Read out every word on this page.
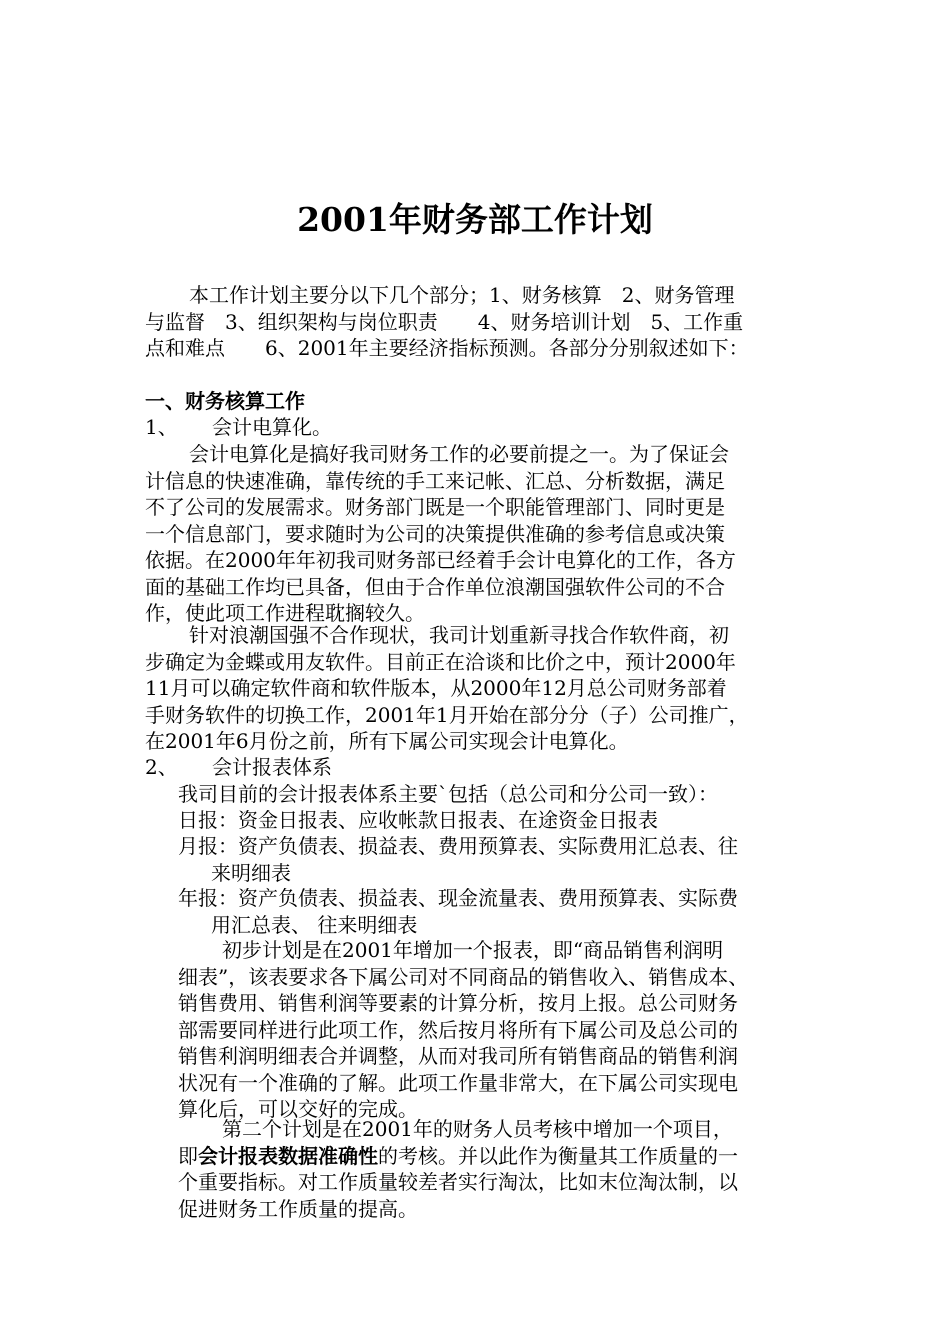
2001年财务部工作计划
本工作计划主要分以下几个部分；1、财务核算　2、财务管理
与监督　3、组织架构与岗位职责　　4、财务培训计划　5、工作重
点和难点　　6、2001年主要经济指标预测。各部分分别叙述如下：
一、财务核算工作
1、 会计电算化。
会计电算化是搞好我司财务工作的必要前提之一。为了保证会
计信息的快速准确，靠传统的手工来记帐、汇总、分析数据，满足
不了公司的发展需求。财务部门既是一个职能管理部门、同时更是
一个信息部门，要求随时为公司的决策提供准确的参考信息或决策
依据。在2000年年初我司财务部已经着手会计电算化的工作，各方
面的基础工作均已具备，但由于合作单位浪潮国强软件公司的不合
作，使此项工作进程耽搁较久。
针对浪潮国强不合作现状，我司计划重新寻找合作软件商，初
步确定为金蝶或用友软件。目前正在洽谈和比价之中，预计2000年
11月可以确定软件商和软件版本，从2000年12月总公司财务部着
手财务软件的切换工作，2001年1月开始在部分分（子）公司推广，
在2001年6月份之前，所有下属公司实现会计电算化。
2、 会计报表体系
我司目前的会计报表体系主要`包括（总公司和分公司一致）：
日报：资金日报表、应收帐款日报表、在途资金日报表
月报：资产负债表、损益表、费用预算表、实际费用汇总表、往
来明细表
年报：资产负债表、损益表、现金流量表、费用预算表、实际费
用汇总表、 往来明细表
初步计划是在2001年增加一个报表，即“商品销售利润明
细表”，该表要求各下属公司对不同商品的销售收入、销售成本、
销售费用、销售利润等要素的计算分析，按月上报。总公司财务
部需要同样进行此项工作，然后按月将所有下属公司及总公司的
销售利润明细表合并调整，从而对我司所有销售商品的销售利润
状况有一个准确的了解。此项工作量非常大，在下属公司实现电
算化后，可以交好的完成。
第二个计划是在2001年的财务人员考核中增加一个项目，
即会计报表数据准确性的考核。并以此作为衡量其工作质量的一
个重要指标。对工作质量较差者实行淘汰，比如末位淘汰制，以
促进财务工作质量的提高。
